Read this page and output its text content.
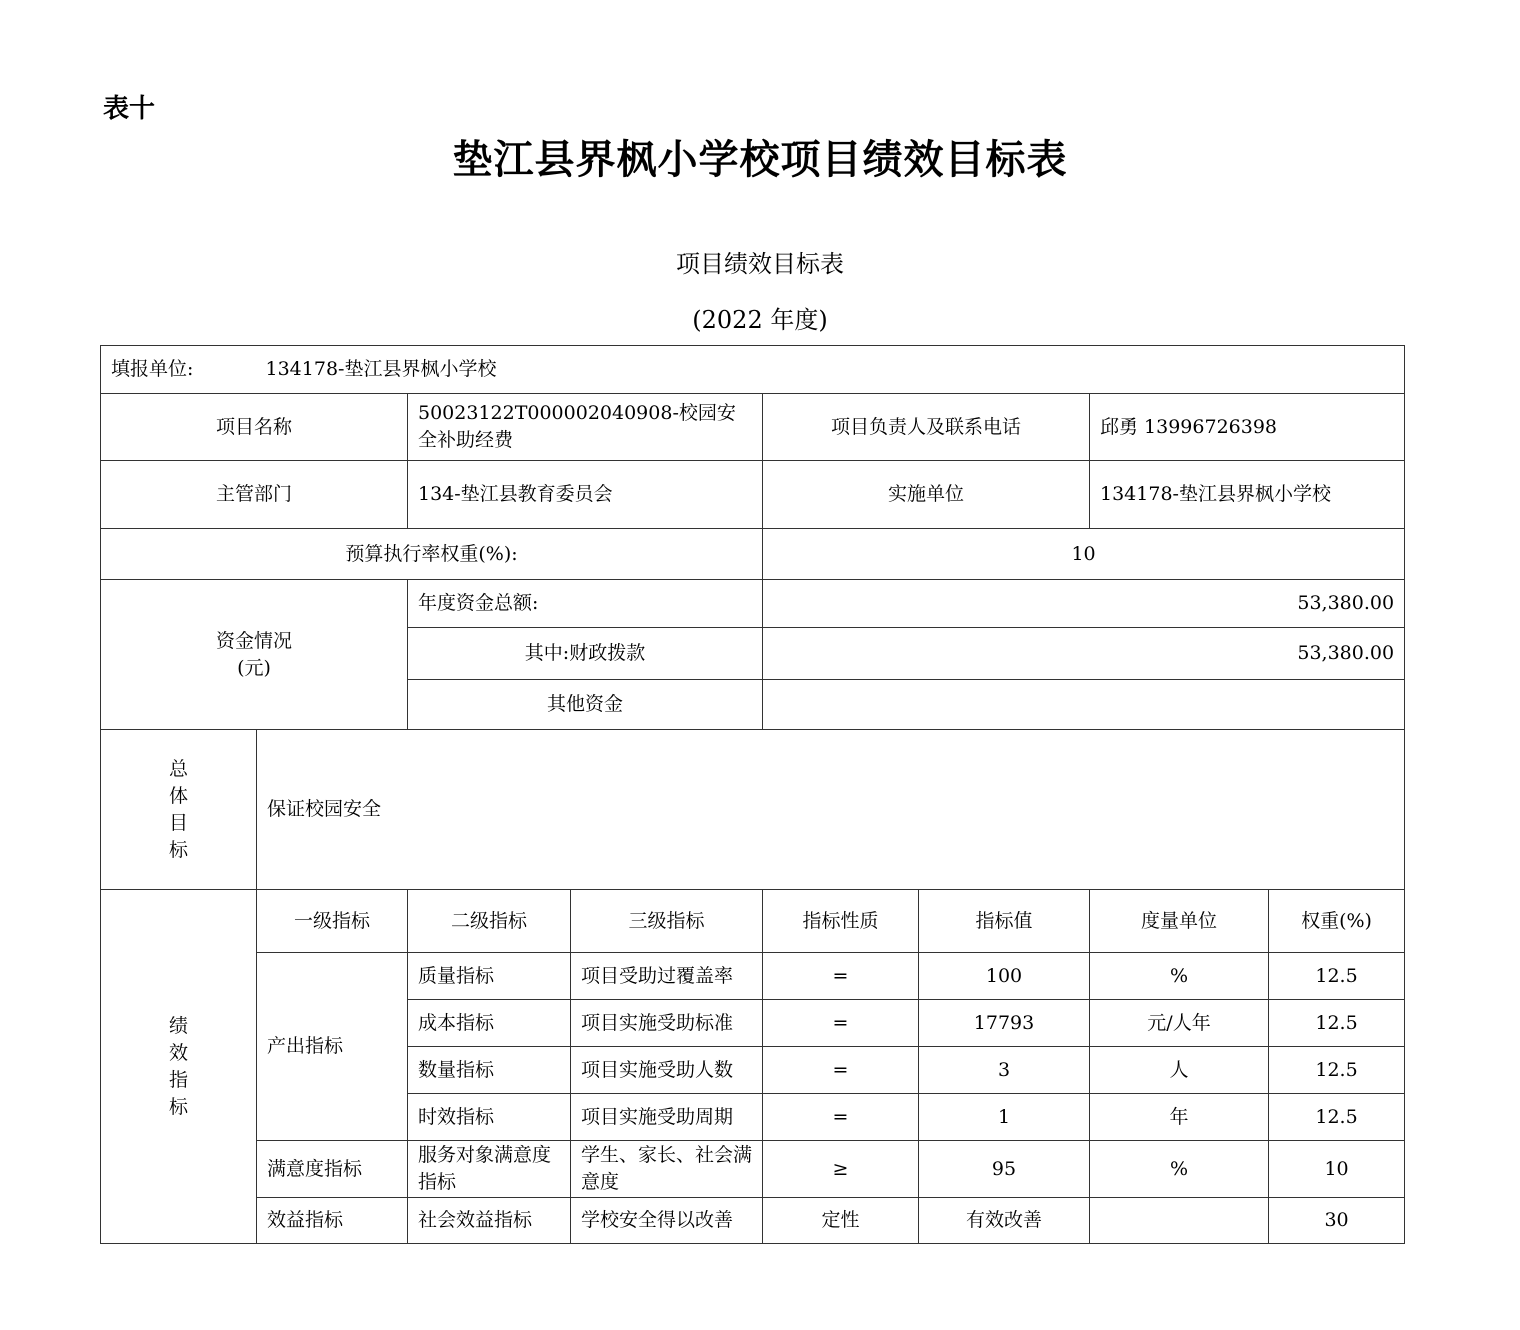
表十
垫江县界枫小学校项目绩效目标表
项目绩效目标表
(2022 年度)
填报单位: 134178-垫江县界枫小学校							
项目名称		50023122T000002040908-校园安全补助经费		项目负责人及联系电话		邱勇 13996726398	
主管部门		134-垫江县教育委员会		实施单位		134178-垫江县界枫小学校	
预算执行率权重(%):				10			

资金情况
(元)		年度资金总额:		53,380.00			
		其中:财政拨款		53,380.00			
		其他资金					

总
体
目
标	保证校园安全						

绩
效
指
标	一级指标	二级指标	三级指标	指标性质	指标值	度量单位	权重(%)
	产出指标	质量指标	项目受助过覆盖率	=	100	%	12.5
		成本指标	项目实施受助标准	=	17793	元/人年	12.5
		数量指标	项目实施受助人数	=	3	人	12.5
		时效指标	项目实施受助周期	=	1	年	12.5
	满意度指标	服务对象满意度指标	学生、家长、社会满意度	≥	95	%	10
	效益指标	社会效益指标	学校安全得以改善	定性	有效改善		30
